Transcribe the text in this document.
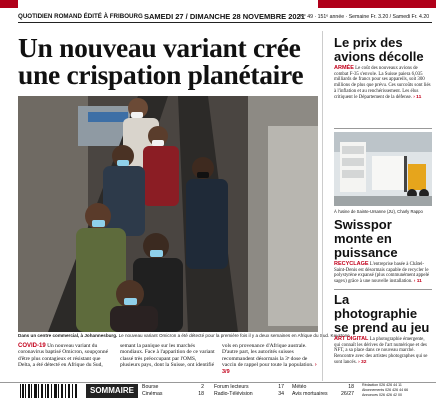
QUOTIDIEN ROMAND ÉDITÉ À FRIBOURG SAMEDI 27 / DIMANCHE 28 NOVEMBRE 2021
N° 49 · 151ᵉ année · Semaine Fr. 3.20 / Samedi Fr. 4.20
Un nouveau variant crée une crispation planétaire
Dans un centre commercial, à Johannesburg. Le nouveau variant Omicron a été détecté pour la première fois il y a deux semaines en Afrique du Sud. Keystone
COVID-19 Un nouveau variant du coronavirus baptisé Omicron, soupçonné d'être plus contagieux et résistant que Delta, a été détecté en Afrique du Sud,
semant la panique sur les marchés mondiaux. Face à l'apparition de ce variant classé très préoccupant par l'OMS, plusieurs pays, dont la Suisse, ont identifié
vols en provenance d'Afrique australe. D'autre part, les autorités suisses recommandent désormais la 3ᵉ dose de vaccin de rappel pour toute la population. › 3/9
Le prix des avions décolle
ARMÉE Le coût des nouveaux avions de combat F-35 s'envole. La Suisse paiera 6,035 milliards de francs pour ses appareils, soit 300 millions de plus que prévu. Ces surcoûts sont liés à l'inflation et au renchérissement. Les élus critiquent le Département de la défense. › 11
À l'usine de Sainte-Ursanne (JU), Charly Rappo
Swisspor monte en puissance
RECYCLAGE L'entreprise basée à Châtel-Saint-Denis est désormais capable de recycler le polystyrène expansé (plus communément appelé sagex) grâce à une nouvelle installation. › 11
La photographie se prend au jeu
ART DIGITAL La photographie émergente, qui connaît les dérives de l'art numérique et des NFT, a sa place dans ce nouveau marché. Rencontre avec des artistes photographes qui se sont lancés. › 32
SOMMAIRE	Bourse	2
Cinémas	18
Forum lecteurs	17
Radio-Télévision	34
Météo	18
Avis mortuaires	26/27
Rédaction 026 426 44 11
Abonnements 026 426 44 66
Annonces 026 426 42 00
